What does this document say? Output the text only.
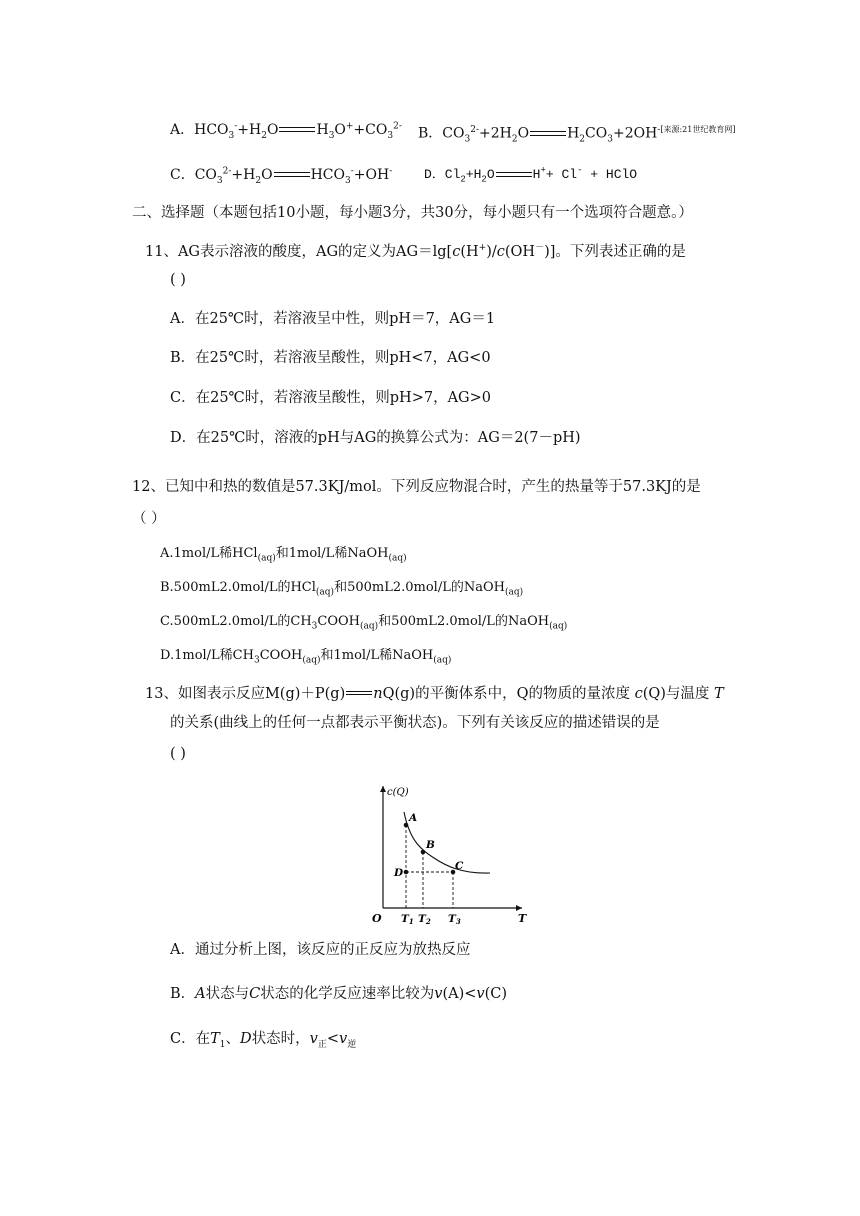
A．$HCO_3^-+H_2O$	$H_3O^++CO_3^{2-}$ B．$CO_3^{2-}+2H_2O$	$H_2CO_3+2OH^{-[来源:21世纪教育网]}$
C．$CO_3^{2-}+H_2O$	$HCO_3^-+OH^-$ D．$Cl_2+H_2O$	H++ Cl- + HClO
二、选择题（本题包括10小题，每小题3分，共30分，每小题只有一个选项符合题意。）
11、AG表示溶液的酸度，AG的定义为AG＝lg[c(H+)/c(OH－)]。下列表述正确的是
( )
A．在25℃时，若溶液呈中性，则pH＝7，AG＝1
B．在25℃时，若溶液呈酸性，则pH<7，AG<0
C．在25℃时，若溶液呈酸性，则pH>7，AG>0
D．在25℃时，溶液的pH与AG的换算公式为：AG＝2(7－pH)
12、已知中和热的数值是57.3KJ/mol。下列反应物混合时，产生的热量等于57.3KJ的是
（ ）
A.1mol/L稀HCl$_{(aq)}$和1mol/L稀NaOH$_{(aq)}$
B.500mL2.0mol/L的HCl$_{(aq)}$和500mL2.0mol/L的NaOH$_{(aq)}$
C.500mL2.0mol/L的$CH_3COOH_{(aq)}$和500mL2.0mol/L的NaOH$_{(aq)}$
D.1mol/L稀$CH_3COOH_{(aq)}$和1mol/L稀NaOH$_{(aq)}$
13、如图表示反应M(g)＋P(g) nQ(g)的平衡体系中，Q的物质的量浓度 c(Q)与温度 T
的关系(曲线上的任何一点都表示平衡状态)。下列有关该反应的描述错误的是
( )
c(Q)
T
O
A
B
C
D
T1 T2 T3
A．通过分析上图，该反应的正反应为放热反应
B．A状态与C状态的化学反应速率比较为v(A)<v(C)
C．在$T_1$、D状态时，$v_正<v_逆$
